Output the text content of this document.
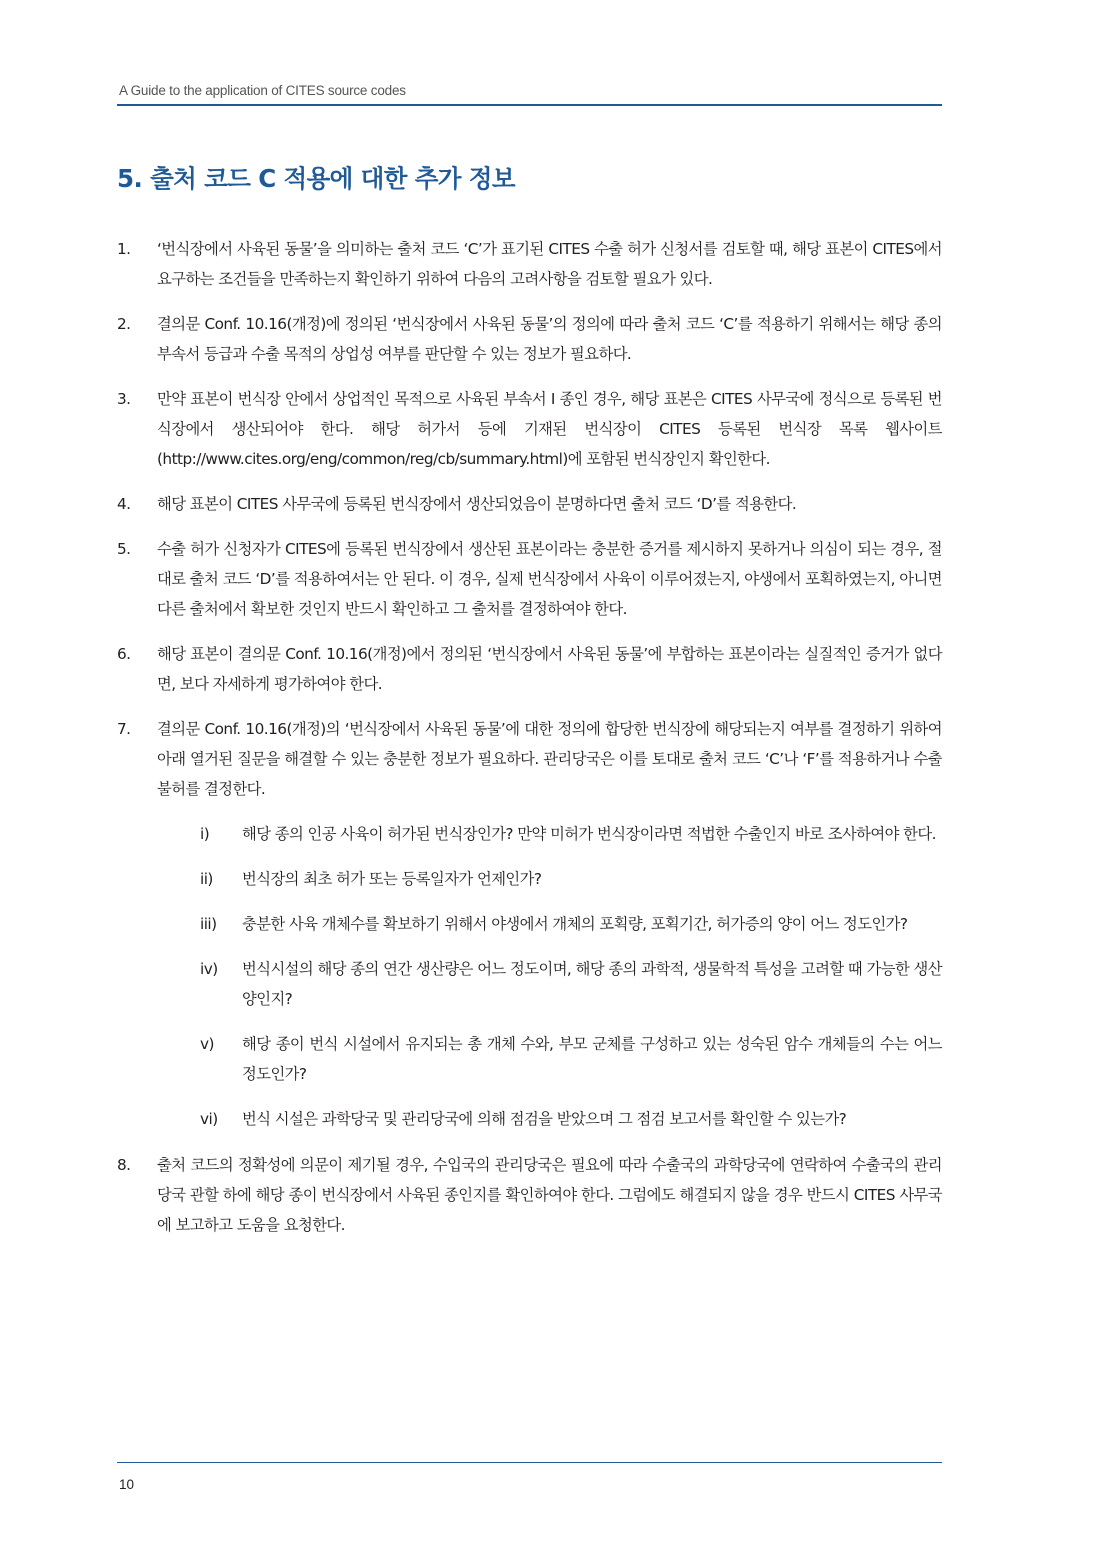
A Guide to the application of CITES source codes
5. 출처 코드 C 적용에 대한 추가 정보
1. ‘번식장에서 사육된 동물’을 의미하는 출처 코드 ‘C’가 표기된 CITES 수출 허가 신청서를 검토할 때, 해당 표본이 CITES에서 요구하는 조건들을 만족하는지 확인하기 위하여 다음의 고려사항을 검토할 필요가 있다.
2. 결의문 Conf. 10.16(개정)에 정의된 ‘번식장에서 사육된 동물’의 정의에 따라 출처 코드 ‘C’를 적용하기 위해서는 해당 종의 부속서 등급과 수출 목적의 상업성 여부를 판단할 수 있는 정보가 필요하다.
3. 만약 표본이 번식장 안에서 상업적인 목적으로 사육된 부속서 I 종인 경우, 해당 표본은 CITES 사무국에 정식으로 등록된 번식장에서 생산되어야 한다. 해당 허가서 등에 기재된 번식장이 CITES 등록된 번식장 목록 웹사이트(http://www.cites.org/eng/common/reg/cb/summary.html)에 포함된 번식장인지 확인한다.
4. 해당 표본이 CITES 사무국에 등록된 번식장에서 생산되었음이 분명하다면 출처 코드 ‘D’를 적용한다.
5. 수출 허가 신청자가 CITES에 등록된 번식장에서 생산된 표본이라는 충분한 증거를 제시하지 못하거나 의심이 되는 경우, 절대로 출처 코드 ‘D’를 적용하여서는 안 된다. 이 경우, 실제 번식장에서 사육이 이루어졌는지, 야생에서 포획하였는지, 아니면 다른 출처에서 확보한 것인지 반드시 확인하고 그 출처를 결정하여야 한다.
6. 해당 표본이 결의문 Conf. 10.16(개정)에서 정의된 ‘번식장에서 사육된 동물’에 부합하는 표본이라는 실질적인 증거가 없다면, 보다 자세하게 평가하여야 한다.
7. 결의문 Conf. 10.16(개정)의 ‘번식장에서 사육된 동물’에 대한 정의에 합당한 번식장에 해당되는지 여부를 결정하기 위하여 아래 열거된 질문을 해결할 수 있는 충분한 정보가 필요하다. 관리당국은 이를 토대로 출처 코드 ‘C’나 ‘F’를 적용하거나 수출 불허를 결정한다.
i) 해당 종의 인공 사육이 허가된 번식장인가? 만약 미허가 번식장이라면 적법한 수출인지 바로 조사하여야 한다.
ii) 번식장의 최초 허가 또는 등록일자가 언제인가?
iii) 충분한 사육 개체수를 확보하기 위해서 야생에서 개체의 포획량, 포획기간, 허가증의 양이 어느 정도인가?
iv) 번식시설의 해당 종의 연간 생산량은 어느 정도이며, 해당 종의 과학적, 생물학적 특성을 고려할 때 가능한 생산 양인지?
v) 해당 종이 번식 시설에서 유지되는 총 개체 수와, 부모 군체를 구성하고 있는 성숙된 암수 개체들의 수는 어느 정도인가?
vi) 번식 시설은 과학당국 및 관리당국에 의해 점검을 받았으며 그 점검 보고서를 확인할 수 있는가?
8. 출처 코드의 정확성에 의문이 제기될 경우, 수입국의 관리당국은 필요에 따라 수출국의 과학당국에 연락하여 수출국의 관리당국 관할 하에 해당 종이 번식장에서 사육된 종인지를 확인하여야 한다. 그럼에도 해결되지 않을 경우 반드시 CITES 사무국에 보고하고 도움을 요청한다.
10
